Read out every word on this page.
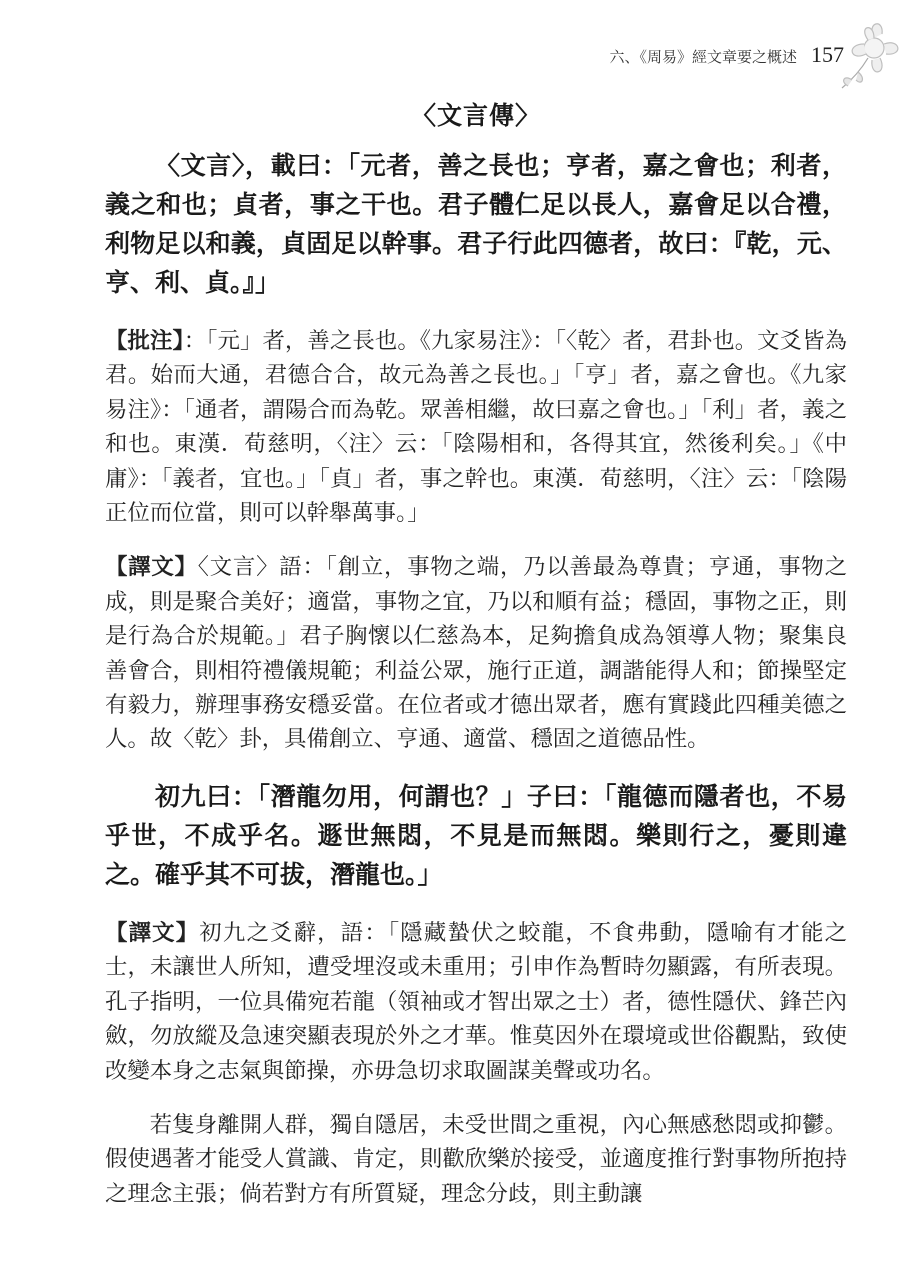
六、《周易》經文章要之概述 157
〈文言傳〉

〈文言〉，載曰：「元者，善之長也；亨者，嘉之會也；利者，義之和也；貞者，事之干也。君子體仁足以長人，嘉會足以合禮，利物足以和義，貞固足以幹事。君子行此四德者，故曰：『乾，元、亨、利、貞。』」

【批注】：「元」者，善之長也。《九家易注》：「〈乾〉者，君卦也。文爻皆為君。始而大通，君德合合，故元為善之長也。」「亨」者，嘉之會也。《九家易注》：「通者，謂陽合而為乾。眾善相繼，故曰嘉之會也。」「利」者，義之和也。東漢．荀慈明，〈注〉云：「陰陽相和，各得其宜，然後利矣。」《中庸》：「義者，宜也。」「貞」者，事之幹也。東漢．荀慈明，〈注〉云：「陰陽正位而位當，則可以幹舉萬事。」

【譯文】〈文言〉語：「創立，事物之端，乃以善最為尊貴；亨通，事物之成，則是聚合美好；適當，事物之宜，乃以和順有益；穩固，事物之正，則是行為合於規範。」君子胸懷以仁慈為本，足夠擔負成為領導人物；聚集良善會合，則相符禮儀規範；利益公眾，施行正道，調諧能得人和；節操堅定有毅力，辦理事務安穩妥當。在位者或才德出眾者，應有實踐此四種美德之人。故〈乾〉卦，具備創立、亨通、適當、穩固之道德品性。

初九曰：「潛龍勿用，何謂也？」子曰：「龍德而隱者也，不易乎世，不成乎名。遯世無悶，不見是而無悶。樂則行之，憂則違之。確乎其不可拔，潛龍也。」

【譯文】初九之爻辭，語：「隱藏蟄伏之蛟龍，不食弗動，隱喻有才能之士，未讓世人所知，遭受埋沒或未重用；引申作為暫時勿顯露，有所表現。孔子指明，一位具備宛若龍（領袖或才智出眾之士）者，德性隱伏、鋒芒內斂，勿放縱及急速突顯表現於外之才華。惟莫因外在環境或世俗觀點，致使改變本身之志氣與節操，亦毋急切求取圖謀美聲或功名。

若隻身離開人群，獨自隱居，未受世間之重視，內心無感愁悶或抑鬱。假使遇著才能受人賞識、肯定，則歡欣樂於接受，並適度推行對事物所抱持之理念主張；倘若對方有所質疑，理念分歧，則主動讓
